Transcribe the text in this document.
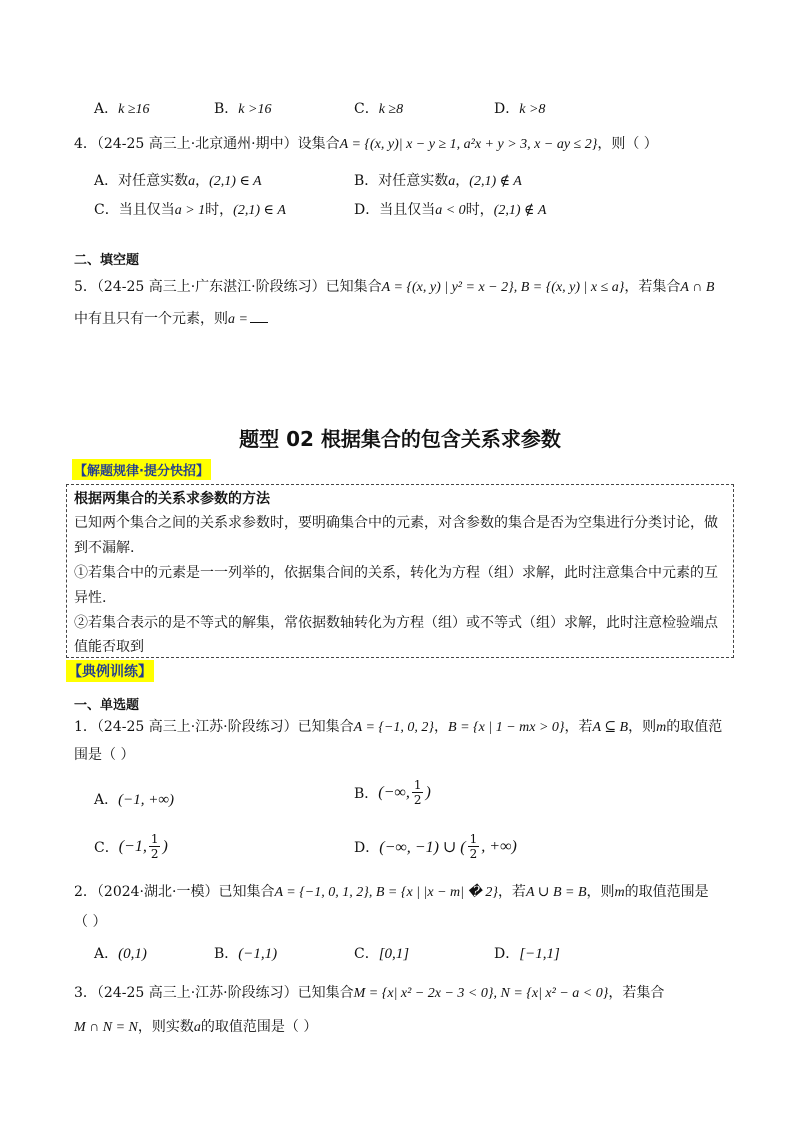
A．k ≥16	B．k >16	C．k ≥8	D．k >8
4．（24-25 高三上·北京通州·期中）设集合A = {(x, y)| x − y ≥ 1, a²x + y > 3, x − ay ≤ 2}，则（ ）
A．对任意实数a，(2,1) ∈ A	B．对任意实数a，(2,1) ∉ A
C．当且仅当a > 1时，(2,1) ∈ A	D．当且仅当a < 0时，(2,1) ∉ A
二、填空题
5．（24-25 高三上·广东湛江·阶段练习）已知集合A = {(x, y) | y² = x − 2}, B = {(x, y) | x ≤ a}，若集合A ∩ B
中有且只有一个元素，则a =
题型 02 根据集合的包含关系求参数
【解题规律·提分快招】
根据两集合的关系求参数的方法
已知两个集合之间的关系求参数时，要明确集合中的元素，对含参数的集合是否为空集进行分类讨论，做
到不漏解.
①若集合中的元素是一一列举的，依据集合间的关系，转化为方程（组）求解，此时注意集合中元素的互
异性.
②若集合表示的是不等式的解集，常依据数轴转化为方程（组）或不等式（组）求解，此时注意检验端点
值能否取到
【典例训练】
一、单选题
1．（24-25 高三上·江苏·阶段练习）已知集合A = {−1, 0, 2}，B = {x | 1 − mx > 0}，若A ⊆ B，则m的取值范
围是（ ）
A．(−1, +∞)	B． (−∞, $\frac{1}{2}$ )
C． (−1, $\frac{1}{2}$ )	D． (−∞, −1) ∪ ( $\frac{1}{2}$ , +∞)
2．（2024·湖北·一模）已知集合A = {−1, 0, 1, 2}, B = {x | |x − m| � 2}，若A ∪ B = B，则m的取值范围是
（ ）
A．(0,1)	B．(−1,1)	C．[0,1]	D．[−1,1]
3．（24-25 高三上·江苏·阶段练习）已知集合M = {x| x² − 2x − 3 < 0}, N = {x| x² − a < 0}，若集合
M ∩ N = N，则实数a的取值范围是（ ）
